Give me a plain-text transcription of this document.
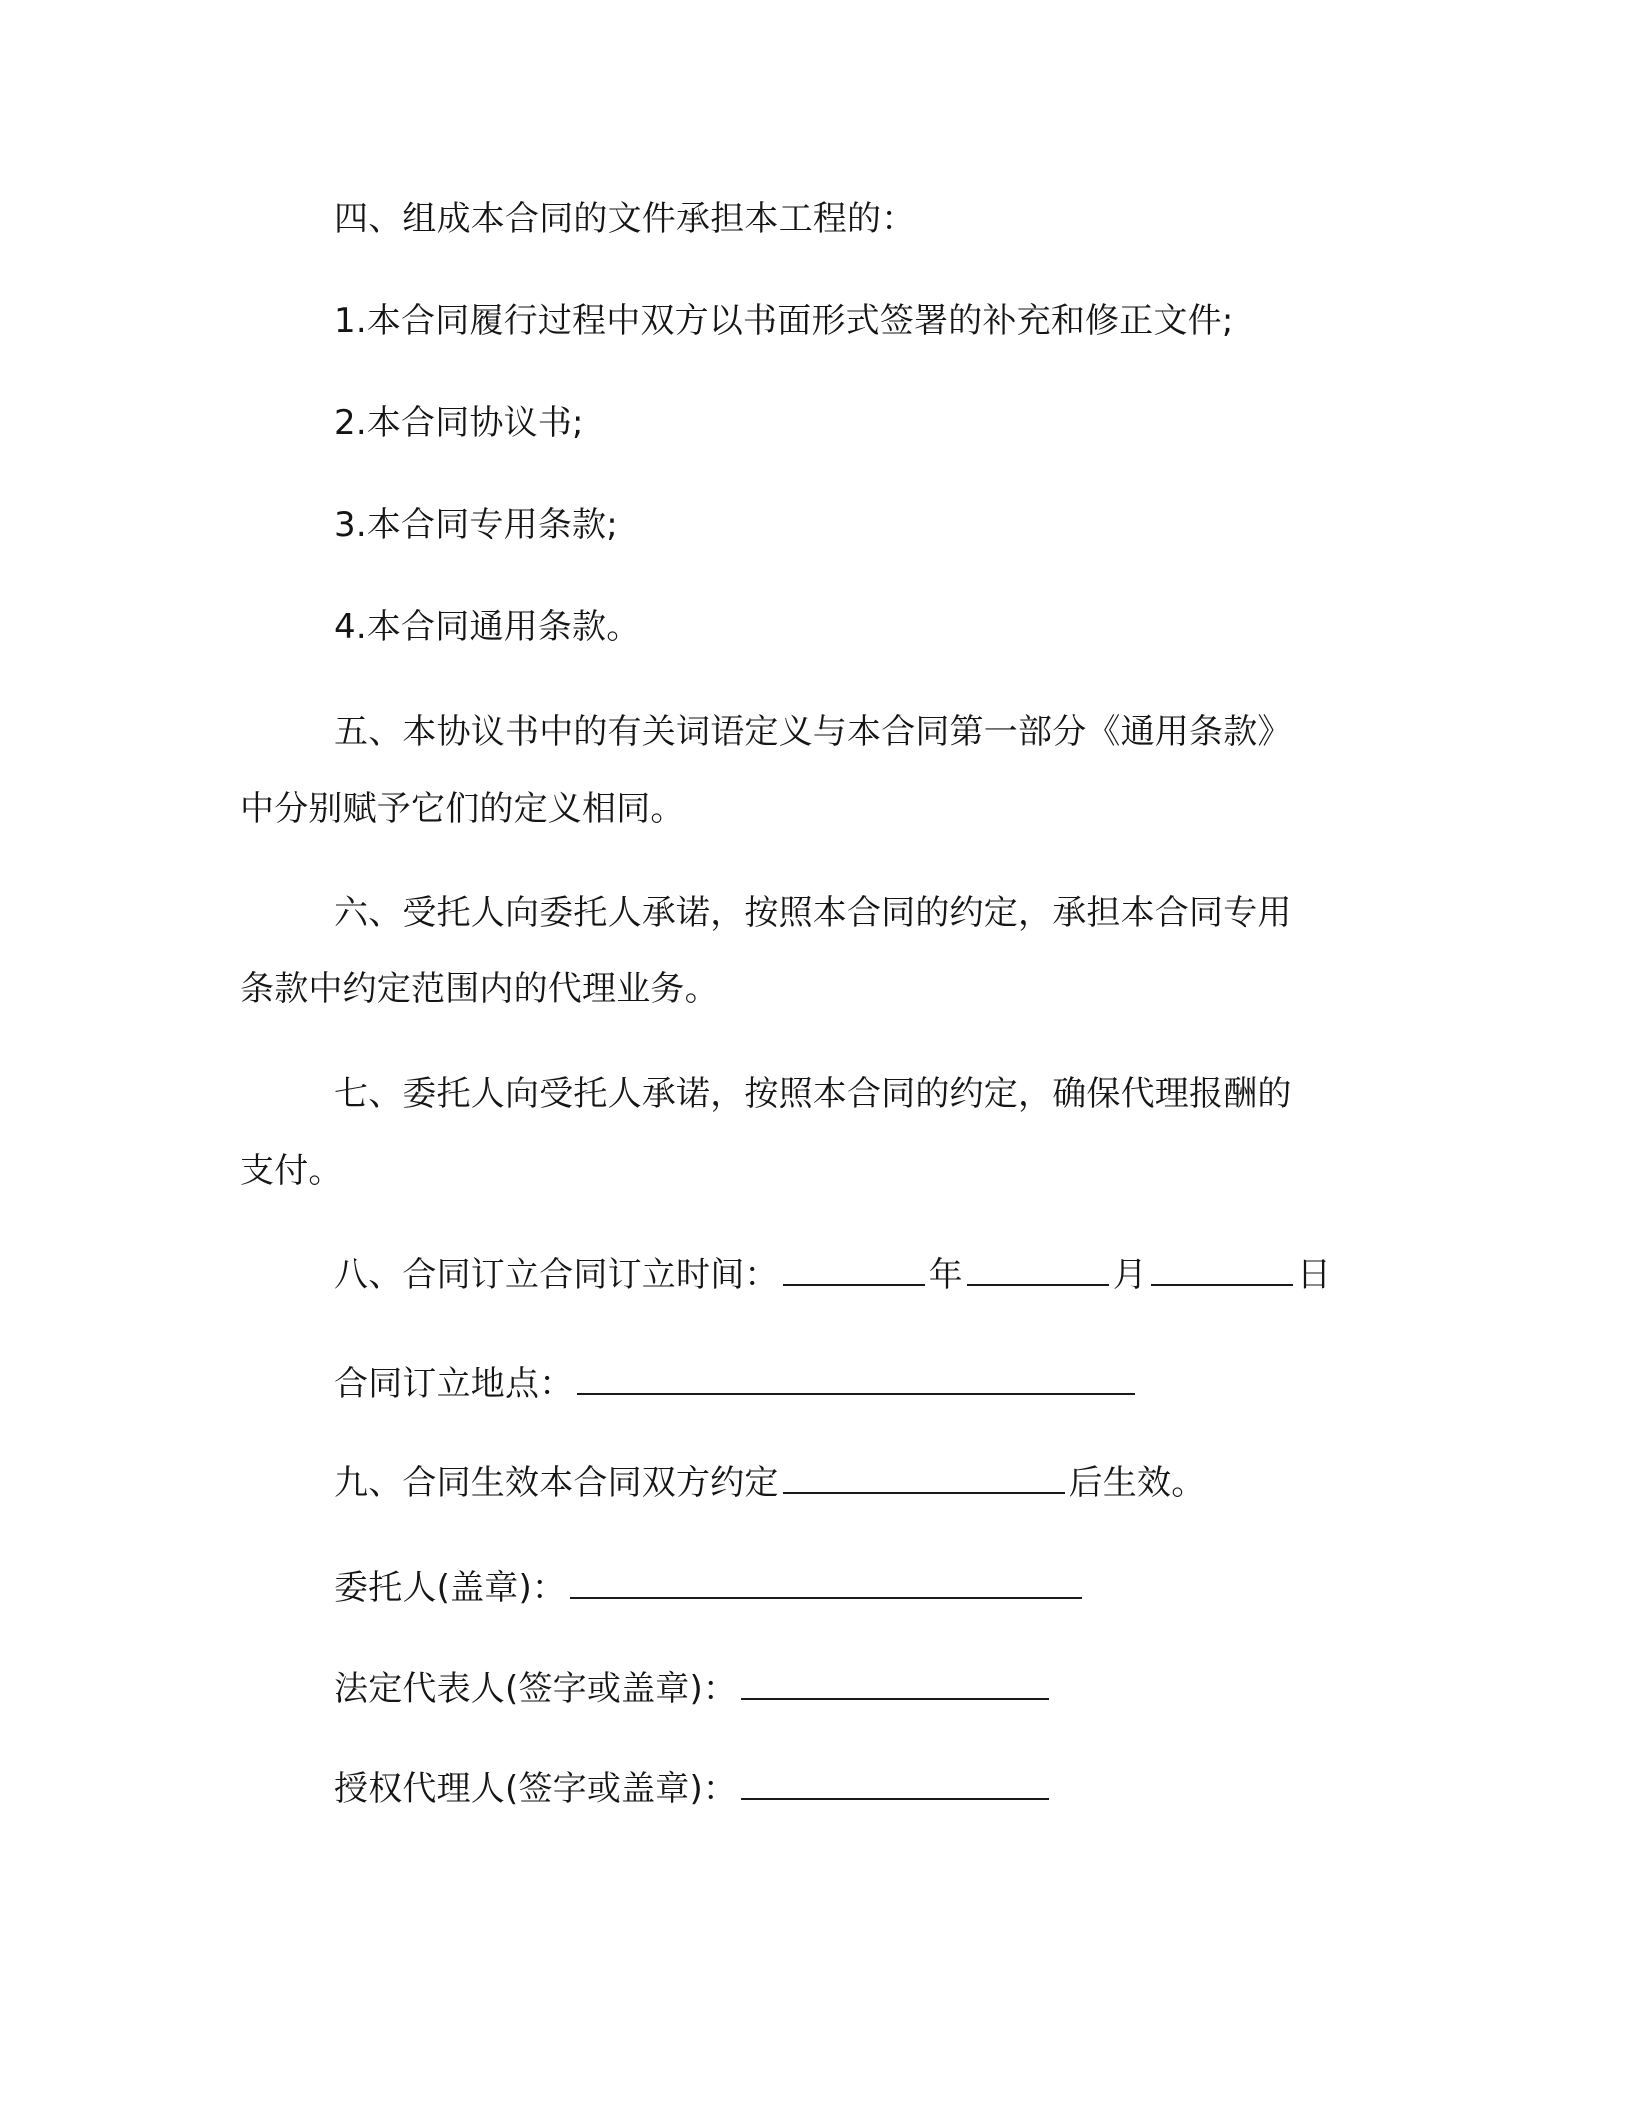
四、组成本合同的文件承担本工程的：
1.本合同履行过程中双方以书面形式签署的补充和修正文件;
2.本合同协议书;
3.本合同专用条款;
4.本合同通用条款。
五、本协议书中的有关词语定义与本合同第一部分《通用条款》
中分别赋予它们的定义相同。
六、受托人向委托人承诺，按照本合同的约定，承担本合同专用
条款中约定范围内的代理业务。
七、委托人向受托人承诺，按照本合同的约定，确保代理报酬的
支付。
八、合同订立合同订立时间：	年	月	日
合同订立地点：
九、合同生效本合同双方约定	后生效。
委托人(盖章)：
法定代表人(签字或盖章)：
授权代理人(签字或盖章)：
